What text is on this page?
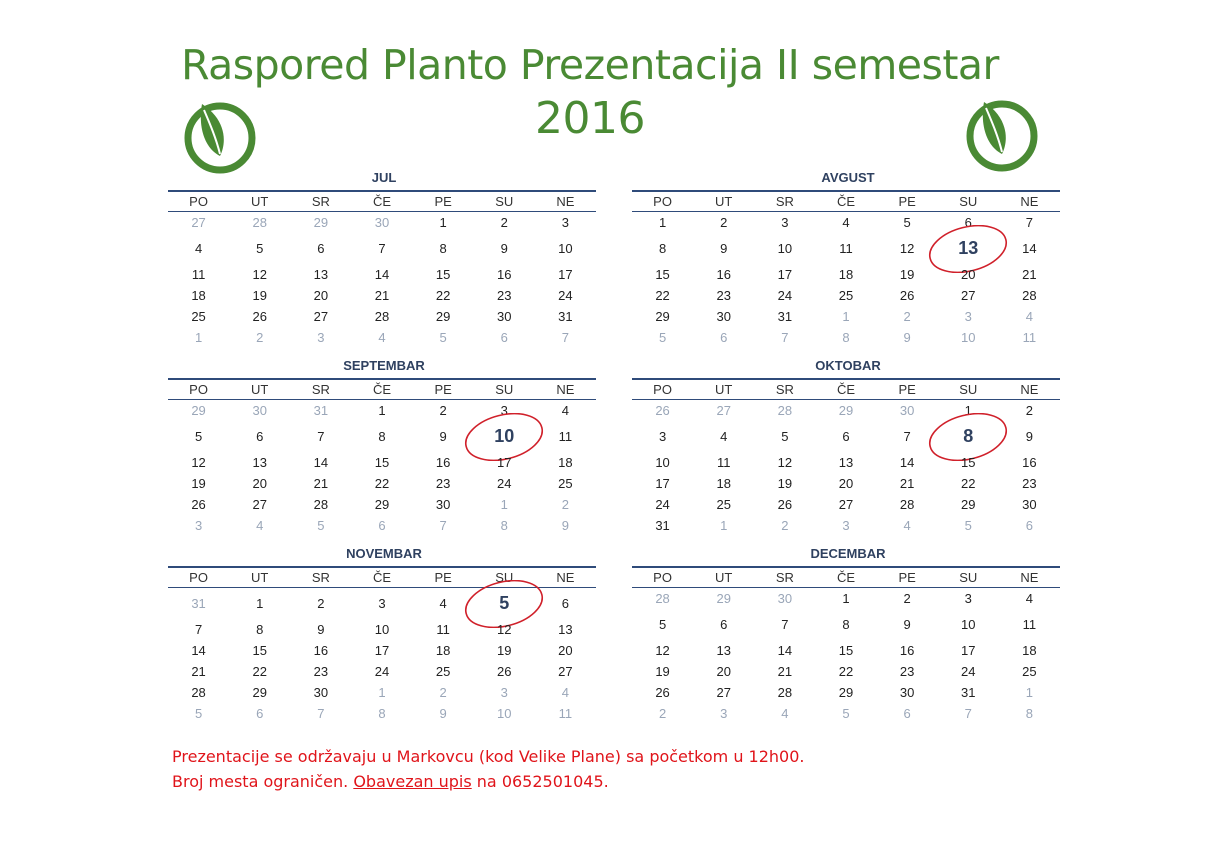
Raspored Planto Prezentacija II semestar
2016
JUL
PO	UT	SR	ČE	PE	SU	NE
27	28	29	30	1	2	3
4	5	6	7	8	9	10
11	12	13	14	15	16	17
18	19	20	21	22	23	24
25	26	27	28	29	30	31
1	2	3	4	5	6	7
AVGUST
PO	UT	SR	ČE	PE	SU	NE
1	2	3	4	5	6	7
8	9	10	11	12	13	14
15	16	17	18	19	20	21
22	23	24	25	26	27	28
29	30	31	1	2	3	4
5	6	7	8	9	10	11
SEPTEMBAR
PO	UT	SR	ČE	PE	SU	NE
29	30	31	1	2	3	4
5	6	7	8	9	10	11
12	13	14	15	16	17	18
19	20	21	22	23	24	25
26	27	28	29	30	1	2
3	4	5	6	7	8	9
OKTOBAR
PO	UT	SR	ČE	PE	SU	NE
26	27	28	29	30	1	2
3	4	5	6	7	8	9
10	11	12	13	14	15	16
17	18	19	20	21	22	23
24	25	26	27	28	29	30
31	1	2	3	4	5	6
NOVEMBAR
PO	UT	SR	ČE	PE	SU	NE
31	1	2	3	4	5	6
7	8	9	10	11	12	13
14	15	16	17	18	19	20
21	22	23	24	25	26	27
28	29	30	1	2	3	4
5	6	7	8	9	10	11
DECEMBAR
PO	UT	SR	ČE	PE	SU	NE
28	29	30	1	2	3	4
5	6	7	8	9	10	11
12	13	14	15	16	17	18
19	20	21	22	23	24	25
26	27	28	29	30	31	1
2	3	4	5	6	7	8
Prezentacije se održavaju u Markovcu (kod Velike Plane) sa početkom u 12h00.
Broj mesta ograničen. Obavezan upis na 0652501045.
